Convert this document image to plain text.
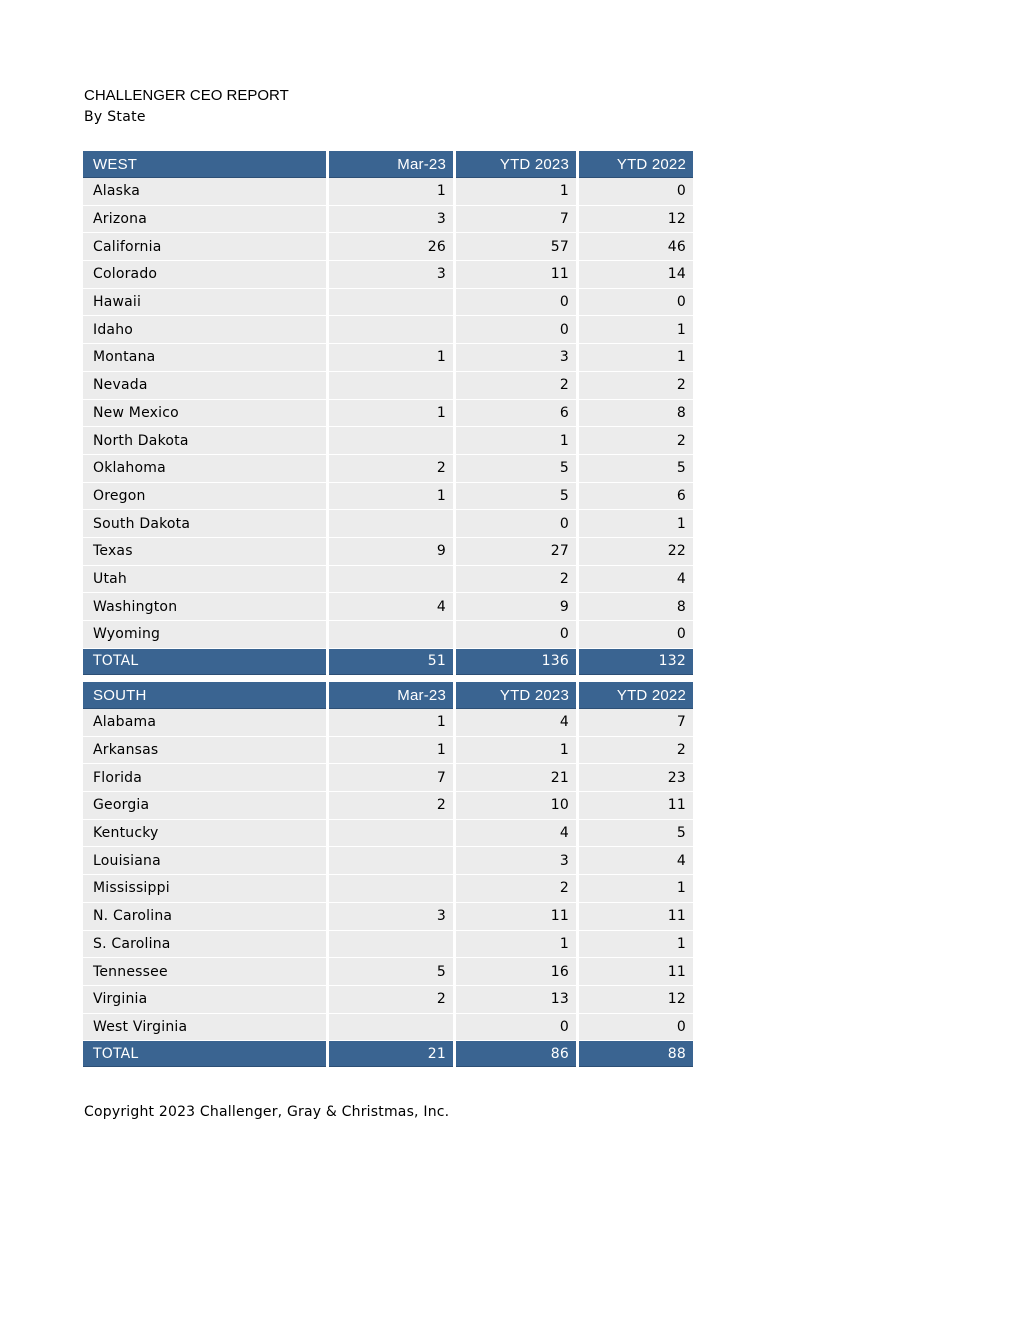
CHALLENGER CEO REPORT
By State
WEST	Mar-23	YTD 2023	YTD 2022
Alaska	1	1	0
Arizona	3	7	12
California	26	57	46
Colorado	3	11	14
Hawaii		0	0
Idaho		0	1
Montana	1	3	1
Nevada		2	2
New Mexico	1	6	8
North Dakota		1	2
Oklahoma	2	5	5
Oregon	1	5	6
South Dakota		0	1
Texas	9	27	22
Utah		2	4
Washington	4	9	8
Wyoming		0	0
TOTAL	51	136	132
SOUTH	Mar-23	YTD 2023	YTD 2022
Alabama	1	4	7
Arkansas	1	1	2
Florida	7	21	23
Georgia	2	10	11
Kentucky		4	5
Louisiana		3	4
Mississippi		2	1
N. Carolina	3	11	11
S. Carolina		1	1
Tennessee	5	16	11
Virginia	2	13	12
West Virginia		0	0
TOTAL	21	86	88
Copyright 2023 Challenger, Gray & Christmas, Inc.
